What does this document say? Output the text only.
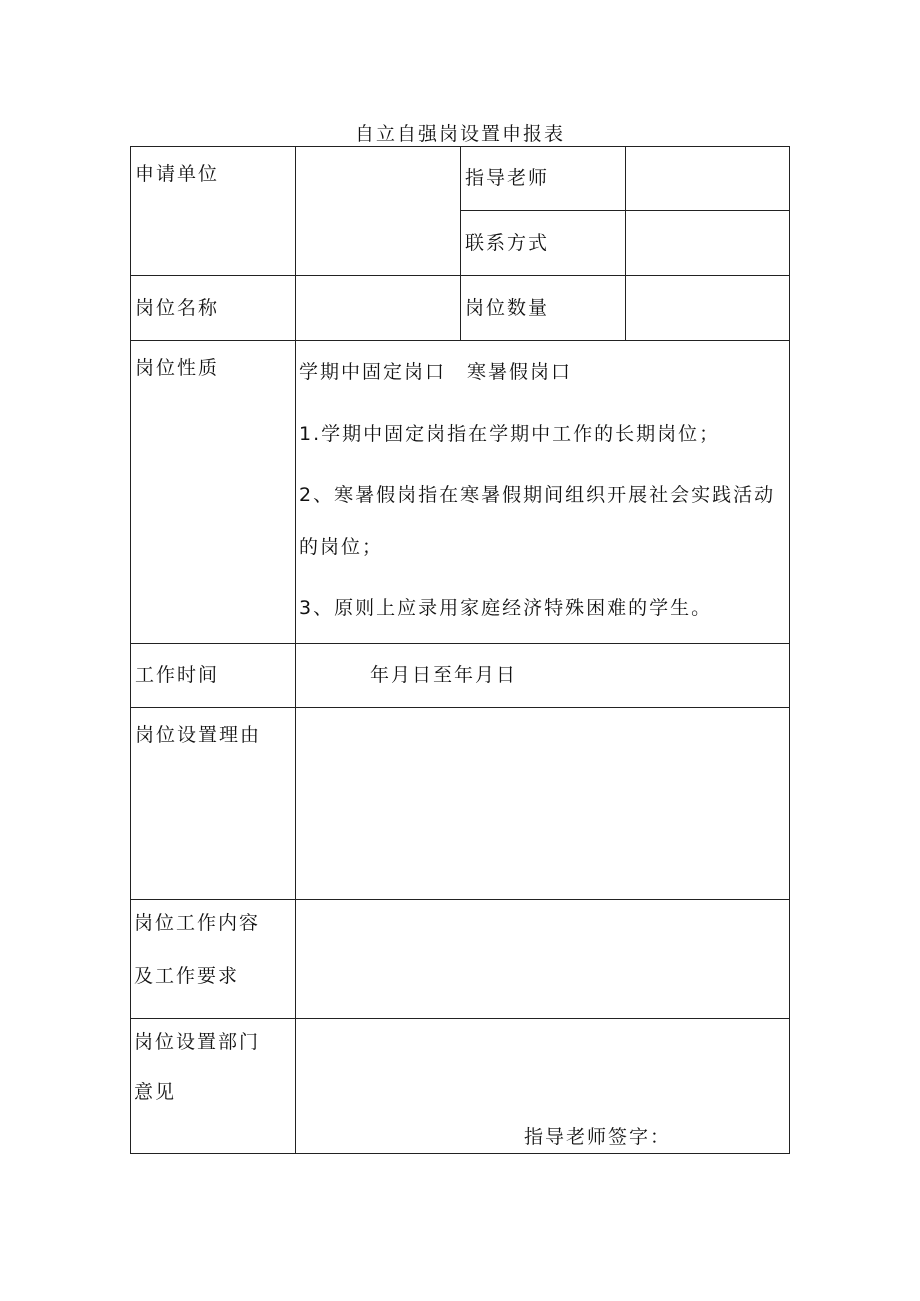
自立自强岗设置申报表
申请单位	指导老师
联系方式
岗位名称	岗位数量
岗位性质	学期中固定岗口　寒暑假岗口
1.学期中固定岗指在学期中工作的长期岗位；
2、寒暑假岗指在寒暑假期间组织开展社会实践活动
的岗位；
3、原则上应录用家庭经济特殊困难的学生。
工作时间	年月日至年月日
岗位设置理由
岗位工作内容
及工作要求
岗位设置部门
意见
指导老师签字：
